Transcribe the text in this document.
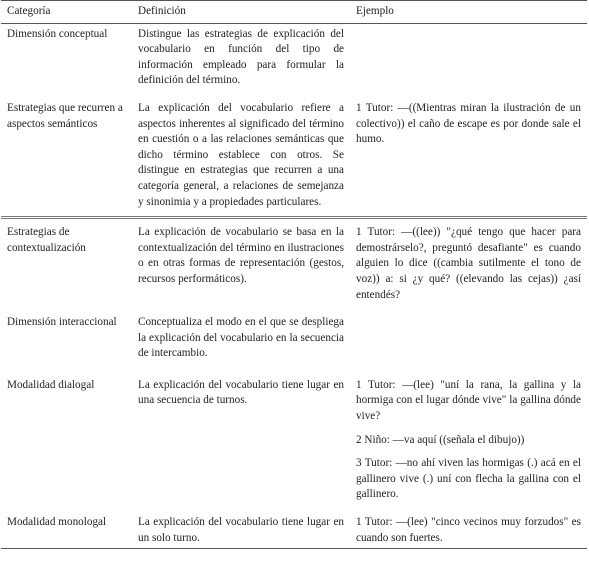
Categoría	Definición	Ejemplo
Dimensión conceptual	Distingue las estrategias de explicación del vocabulario en función del tipo de información empleado para formular la definición del término.	
Estrategias que recurren a aspectos semánticos	La explicación del vocabulario refiere a aspectos inherentes al significado del término en cuestión o a las relaciones semánticas que dicho término establece con otros. Se distingue en estrategias que recurren a una categoría general, a relaciones de semejanza y sinonimia y a propiedades particulares.	1 Tutor: —((Mientras miran la ilustración de un colectivo)) el caño de escape es por donde sale el humo.

Estrategias de contextualización	La explicación de vocabulario se basa en la contextualización del término en ilustraciones o en otras formas de representación (gestos, recursos performáticos).	1 Tutor: —((lee)) "¿qué tengo que hacer para demostrárselo?, preguntó desafiante" es cuando alguien lo dice ((cambia sutilmente el tono de voz)) a: si ¿y qué? ((elevando las cejas)) ¿así entendés?

Dimensión interaccional	Conceptualiza el modo en el que se despliega la explicación del vocabulario en la secuencia de intercambio.	
Modalidad dialogal	La explicación del vocabulario tiene lugar en una secuencia de turnos.	1 Tutor: —(lee) "uní la rana, la gallina y la hormiga con el lugar dónde vive" la gallina dónde vive?

2 Niño: —va aquí ((señala el dibujo))

3 Tutor: —no ahí viven las hormigas (.) acá en el gallinero vive (.) uní con flecha la gallina con el gallinero.

Modalidad monologal	La explicación del vocabulario tiene lugar en un solo turno.	1 Tutor: —(lee) "cinco vecinos muy forzudos" es cuando son fuertes.
